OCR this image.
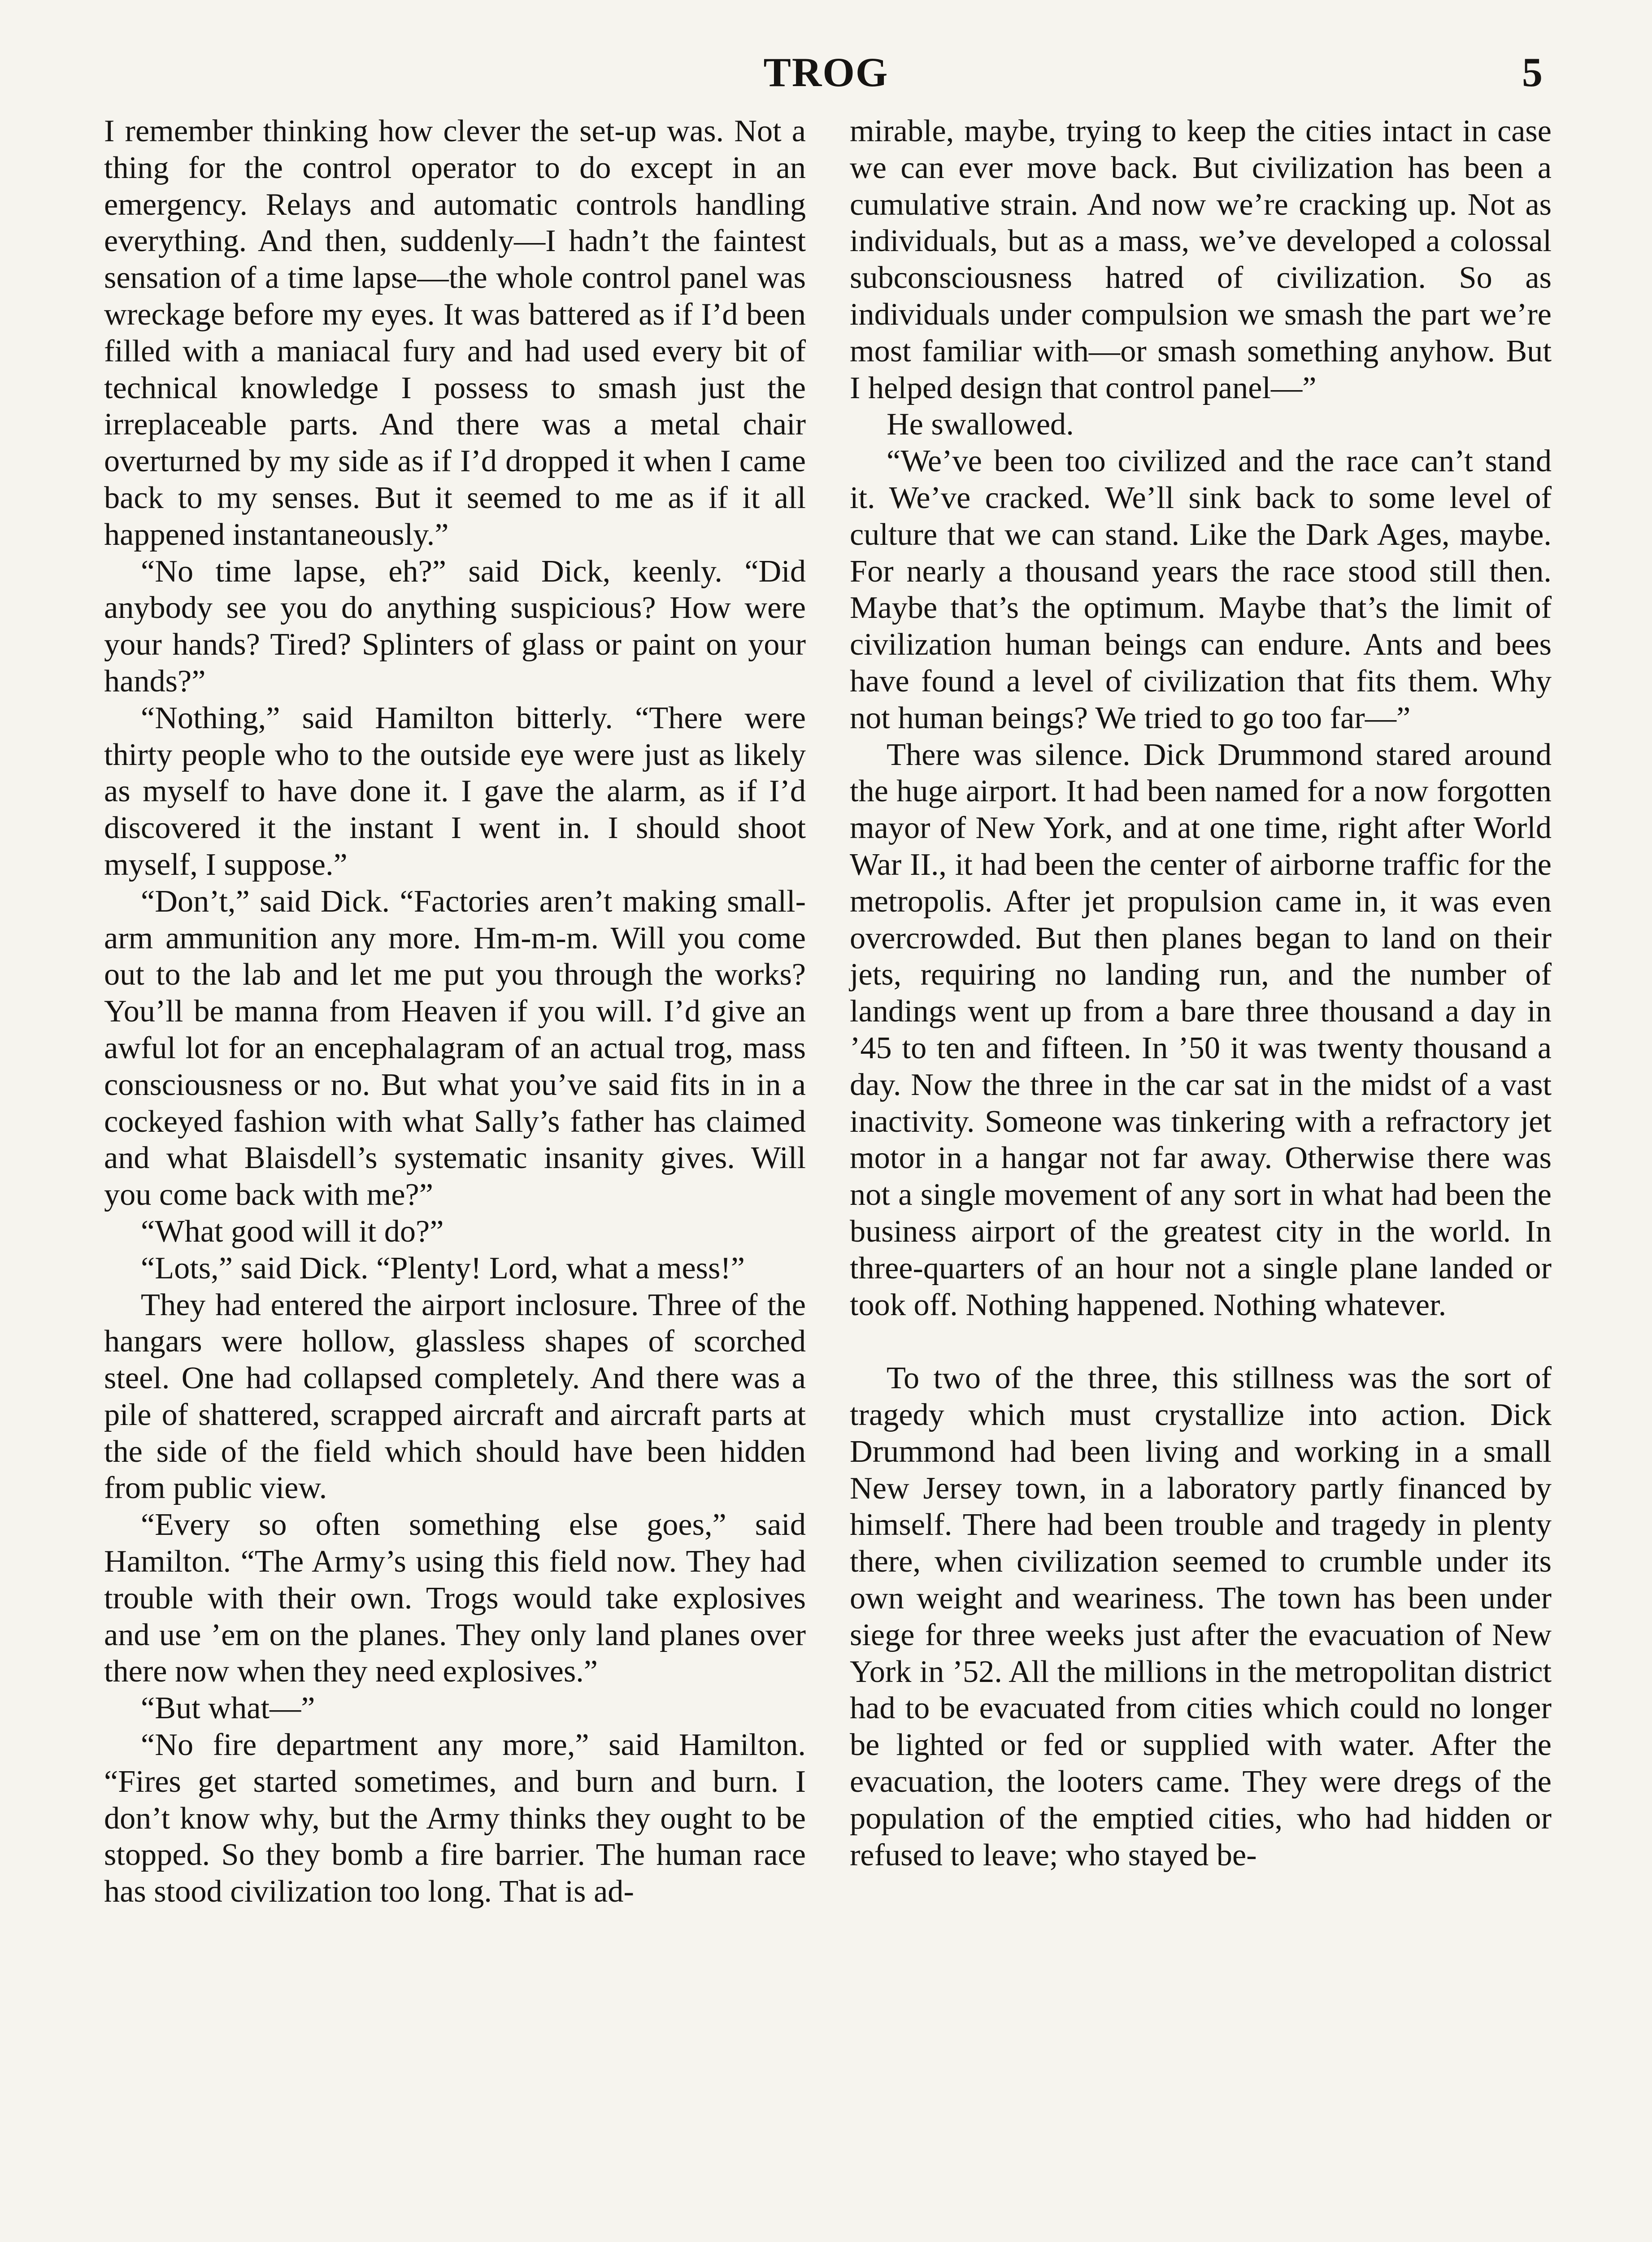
TROG	5

I remember thinking how clever the set-up was. Not a thing for the control operator to do except in an emergency. Relays and automatic controls handling everything. And then, suddenly—I hadn’t the faintest sensation of a time lapse—the whole control panel was wreckage before my eyes. It was battered as if I’d been filled with a maniacal fury and had used every bit of technical knowledge I possess to smash just the irreplaceable parts. And there was a metal chair overturned by my side as if I’d dropped it when I came back to my senses. But it seemed to me as if it all happened instantaneously.”

“No time lapse, eh?” said Dick, keenly. “Did anybody see you do anything suspicious? How were your hands? Tired? Splinters of glass or paint on your hands?”

“Nothing,” said Hamilton bitterly. “There were thirty people who to the outside eye were just as likely as myself to have done it. I gave the alarm, as if I’d discovered it the instant I went in. I should shoot myself, I suppose.”

“Don’t,” said Dick. “Factories aren’t making small-arm ammunition any more. Hm-m-m. Will you come out to the lab and let me put you through the works? You’ll be manna from Heaven if you will. I’d give an awful lot for an encephalagram of an actual trog, mass consciousness or no. But what you’ve said fits in in a cockeyed fashion with what Sally’s father has claimed and what Blaisdell’s systematic insanity gives. Will you come back with me?”

“What good will it do?”

“Lots,” said Dick. “Plenty! Lord, what a mess!”

They had entered the airport inclosure. Three of the hangars were hollow, glassless shapes of scorched steel. One had collapsed completely. And there was a pile of shattered, scrapped aircraft and aircraft parts at the side of the field which should have been hidden from public view.

“Every so often something else goes,” said Hamilton. “The Army’s using this field now. They had trouble with their own. Trogs would take explosives and use ’em on the planes. They only land planes over there now when they need explosives.”

“But what—”

“No fire department any more,” said Hamilton. “Fires get started sometimes, and burn and burn. I don’t know why, but the Army thinks they ought to be stopped. So they bomb a fire barrier. The human race has stood civilization too long. That is ad-

mirable, maybe, trying to keep the cities intact in case we can ever move back. But civilization has been a cumulative strain. And now we’re cracking up. Not as individuals, but as a mass, we’ve developed a colossal subconsciousness hatred of civilization. So as individuals under compulsion we smash the part we’re most familiar with—or smash something anyhow. But I helped design that control panel—”

He swallowed.

“We’ve been too civilized and the race can’t stand it. We’ve cracked. We’ll sink back to some level of culture that we can stand. Like the Dark Ages, maybe. For nearly a thousand years the race stood still then. Maybe that’s the optimum. Maybe that’s the limit of civilization human beings can endure. Ants and bees have found a level of civilization that fits them. Why not human beings? We tried to go too far—”

There was silence. Dick Drummond stared around the huge airport. It had been named for a now forgotten mayor of New York, and at one time, right after World War II., it had been the center of airborne traffic for the metropolis. After jet propulsion came in, it was even overcrowded. But then planes began to land on their jets, requiring no landing run, and the number of landings went up from a bare three thousand a day in ’45 to ten and fifteen. In ’50 it was twenty thousand a day. Now the three in the car sat in the midst of a vast inactivity. Someone was tinkering with a refractory jet motor in a hangar not far away. Otherwise there was not a single movement of any sort in what had been the business airport of the greatest city in the world. In three-quarters of an hour not a single plane landed or took off. Nothing happened. Nothing whatever.

To two of the three, this stillness was the sort of tragedy which must crystallize into action. Dick Drummond had been living and working in a small New Jersey town, in a laboratory partly financed by himself. There had been trouble and tragedy in plenty there, when civilization seemed to crumble under its own weight and weariness. The town has been under siege for three weeks just after the evacuation of New York in ’52. All the millions in the metropolitan district had to be evacuated from cities which could no longer be lighted or fed or supplied with water. After the evacuation, the looters came. They were dregs of the population of the emptied cities, who had hidden or refused to leave; who stayed be-
